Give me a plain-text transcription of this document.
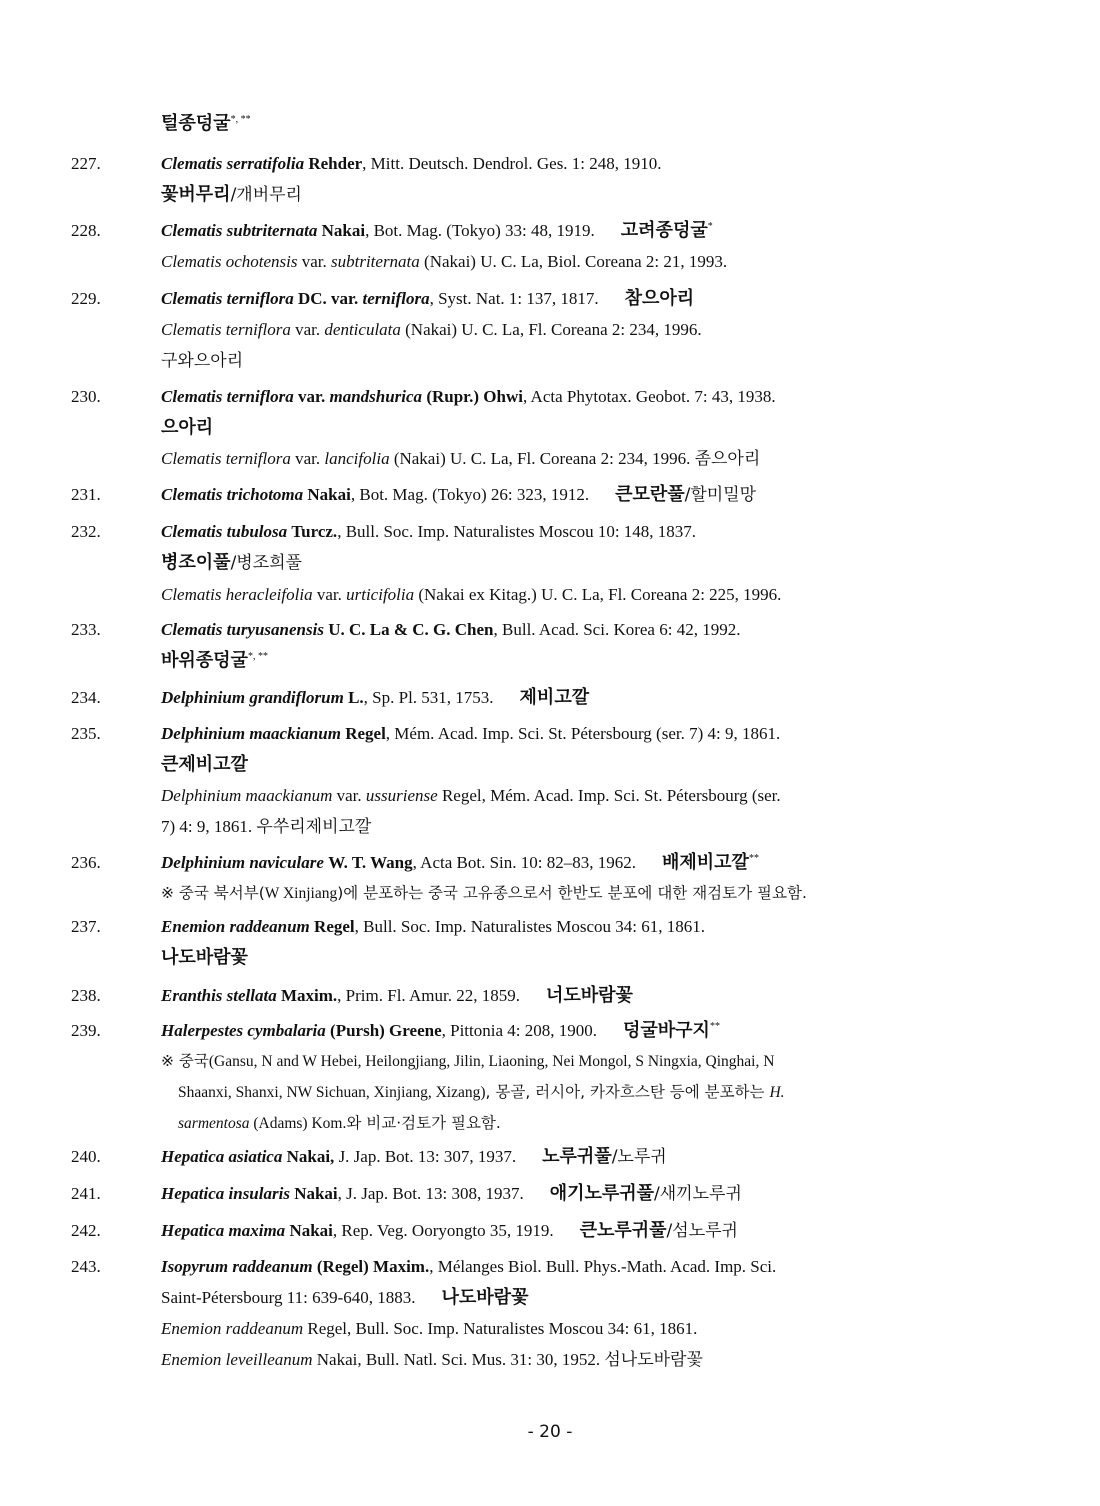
털종덩굴*, **
227.	Clematis serratifolia Rehder, Mitt. Deutsch. Dendrol. Ges. 1: 248, 1910.
꽃버무리/개버무리
228.	Clematis subtriternata Nakai, Bot. Mag. (Tokyo) 33: 48, 1919. 고려종덩굴*
Clematis ochotensis var. subtriternata (Nakai) U. C. La, Biol. Coreana 2: 21, 1993.
229.	Clematis terniflora DC. var. terniflora, Syst. Nat. 1: 137, 1817. 참으아리
Clematis terniflora var. denticulata (Nakai) U. C. La, Fl. Coreana 2: 234, 1996.
구와으아리
230.	Clematis terniflora var. mandshurica (Rupr.) Ohwi, Acta Phytotax. Geobot. 7: 43, 1938.
으아리
Clematis terniflora var. lancifolia (Nakai) U. C. La, Fl. Coreana 2: 234, 1996. 좀으아리
231.	Clematis trichotoma Nakai, Bot. Mag. (Tokyo) 26: 323, 1912. 큰모란풀/할미밀망
232.	Clematis tubulosa Turcz., Bull. Soc. Imp. Naturalistes Moscou 10: 148, 1837.
병조이풀/병조희풀
Clematis heracleifolia var. urticifolia (Nakai ex Kitag.) U. C. La, Fl. Coreana 2: 225, 1996.
233.	Clematis turyusanensis U. C. La & C. G. Chen, Bull. Acad. Sci. Korea 6: 42, 1992.
바위종덩굴*, **
234.	Delphinium grandiflorum L., Sp. Pl. 531, 1753. 제비고깔
235.	Delphinium maackianum Regel, Mém. Acad. Imp. Sci. St. Pétersbourg (ser. 7) 4: 9, 1861.
큰제비고깔
Delphinium maackianum var. ussuriense Regel, Mém. Acad. Imp. Sci. St. Pétersbourg (ser.
7) 4: 9, 1861. 우쑤리제비고깔
236.	Delphinium naviculare W. T. Wang, Acta Bot. Sin. 10: 82–83, 1962. 배제비고깔**
※ 중국 북서부(W Xinjiang)에 분포하는 중국 고유종으로서 한반도 분포에 대한 재검토가 필요함.
237.	Enemion raddeanum Regel, Bull. Soc. Imp. Naturalistes Moscou 34: 61, 1861.
나도바람꽃
238.	Eranthis stellata Maxim., Prim. Fl. Amur. 22, 1859. 너도바람꽃
239.	Halerpestes cymbalaria (Pursh) Greene, Pittonia 4: 208, 1900. 덩굴바구지**
※ 중국(Gansu, N and W Hebei, Heilongjiang, Jilin, Liaoning, Nei Mongol, S Ningxia, Qinghai, N
Shaanxi, Shanxi, NW Sichuan, Xinjiang, Xizang), 몽골, 러시아, 카자흐스탄 등에 분포하는 H.
sarmentosa (Adams) Kom.와 비교·검토가 필요함.
240.	Hepatica asiatica Nakai, J. Jap. Bot. 13: 307, 1937. 노루귀풀/노루귀
241.	Hepatica insularis Nakai, J. Jap. Bot. 13: 308, 1937. 애기노루귀풀/새끼노루귀
242.	Hepatica maxima Nakai, Rep. Veg. Ooryongto 35, 1919. 큰노루귀풀/섬노루귀
243.	Isopyrum raddeanum (Regel) Maxim., Mélanges Biol. Bull. Phys.-Math. Acad. Imp. Sci.
Saint-Pétersbourg 11: 639-640, 1883. 나도바람꽃
Enemion raddeanum Regel, Bull. Soc. Imp. Naturalistes Moscou 34: 61, 1861.
Enemion leveilleanum Nakai, Bull. Natl. Sci. Mus. 31: 30, 1952. 섬나도바람꽃
- 20 -
